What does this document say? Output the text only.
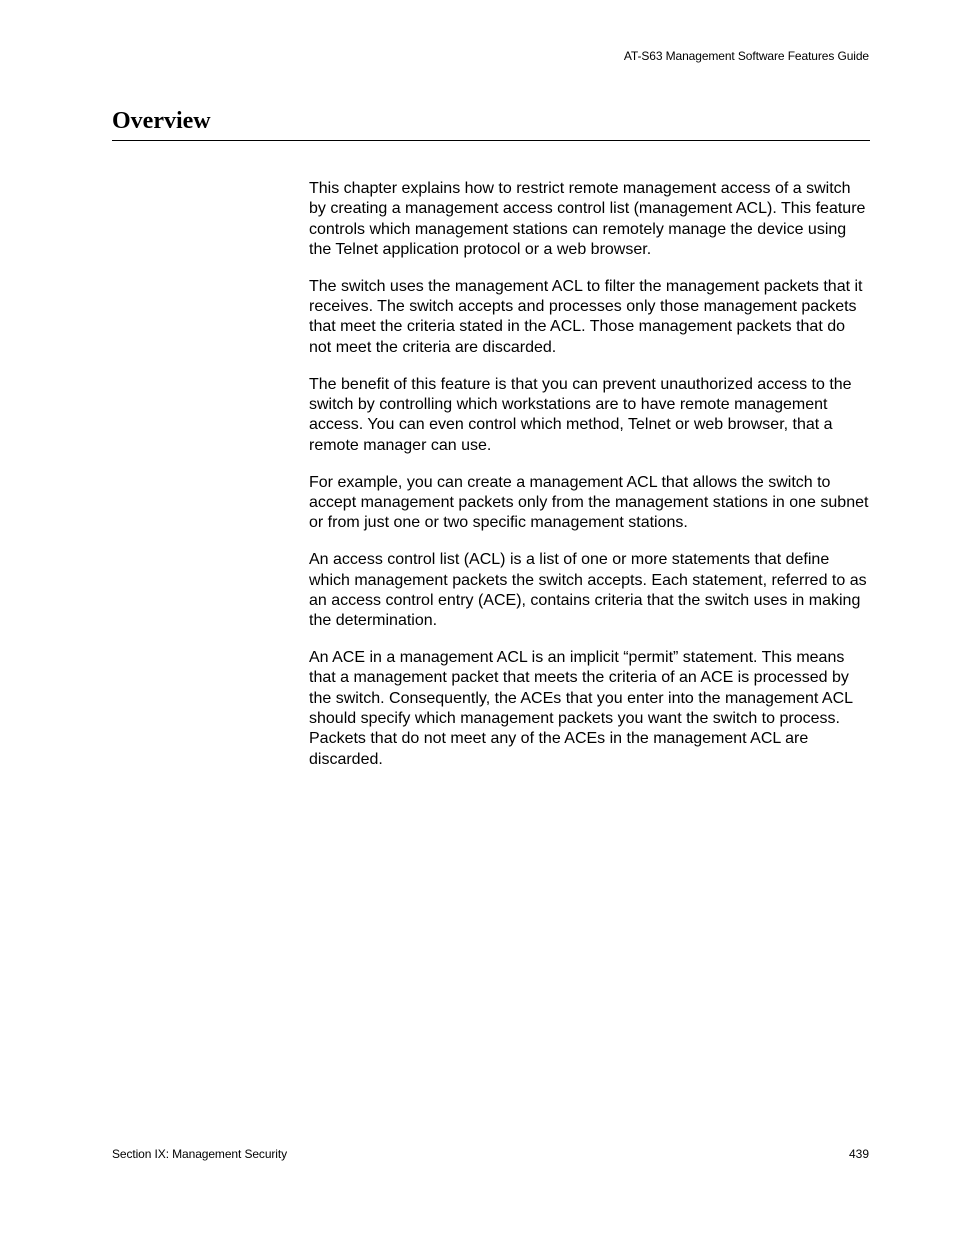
AT-S63 Management Software Features Guide
Overview

This chapter explains how to restrict remote management access of a switch by creating a management access control list (management ACL). This feature controls which management stations can remotely manage the device using the Telnet application protocol or a web browser.

The switch uses the management ACL to filter the management packets that it receives. The switch accepts and processes only those management packets that meet the criteria stated in the ACL. Those management packets that do not meet the criteria are discarded.

The benefit of this feature is that you can prevent unauthorized access to the switch by controlling which workstations are to have remote management access. You can even control which method, Telnet or web browser, that a remote manager can use.

For example, you can create a management ACL that allows the switch to accept management packets only from the management stations in one subnet or from just one or two specific management stations.

An access control list (ACL) is a list of one or more statements that define which management packets the switch accepts. Each statement, referred to as an access control entry (ACE), contains criteria that the switch uses in making the determination.

An ACE in a management ACL is an implicit “permit” statement. This means that a management packet that meets the criteria of an ACE is processed by the switch. Consequently, the ACEs that you enter into the management ACL should specify which management packets you want the switch to process. Packets that do not meet any of the ACEs in the management ACL are discarded.

Section IX: Management Security	439
